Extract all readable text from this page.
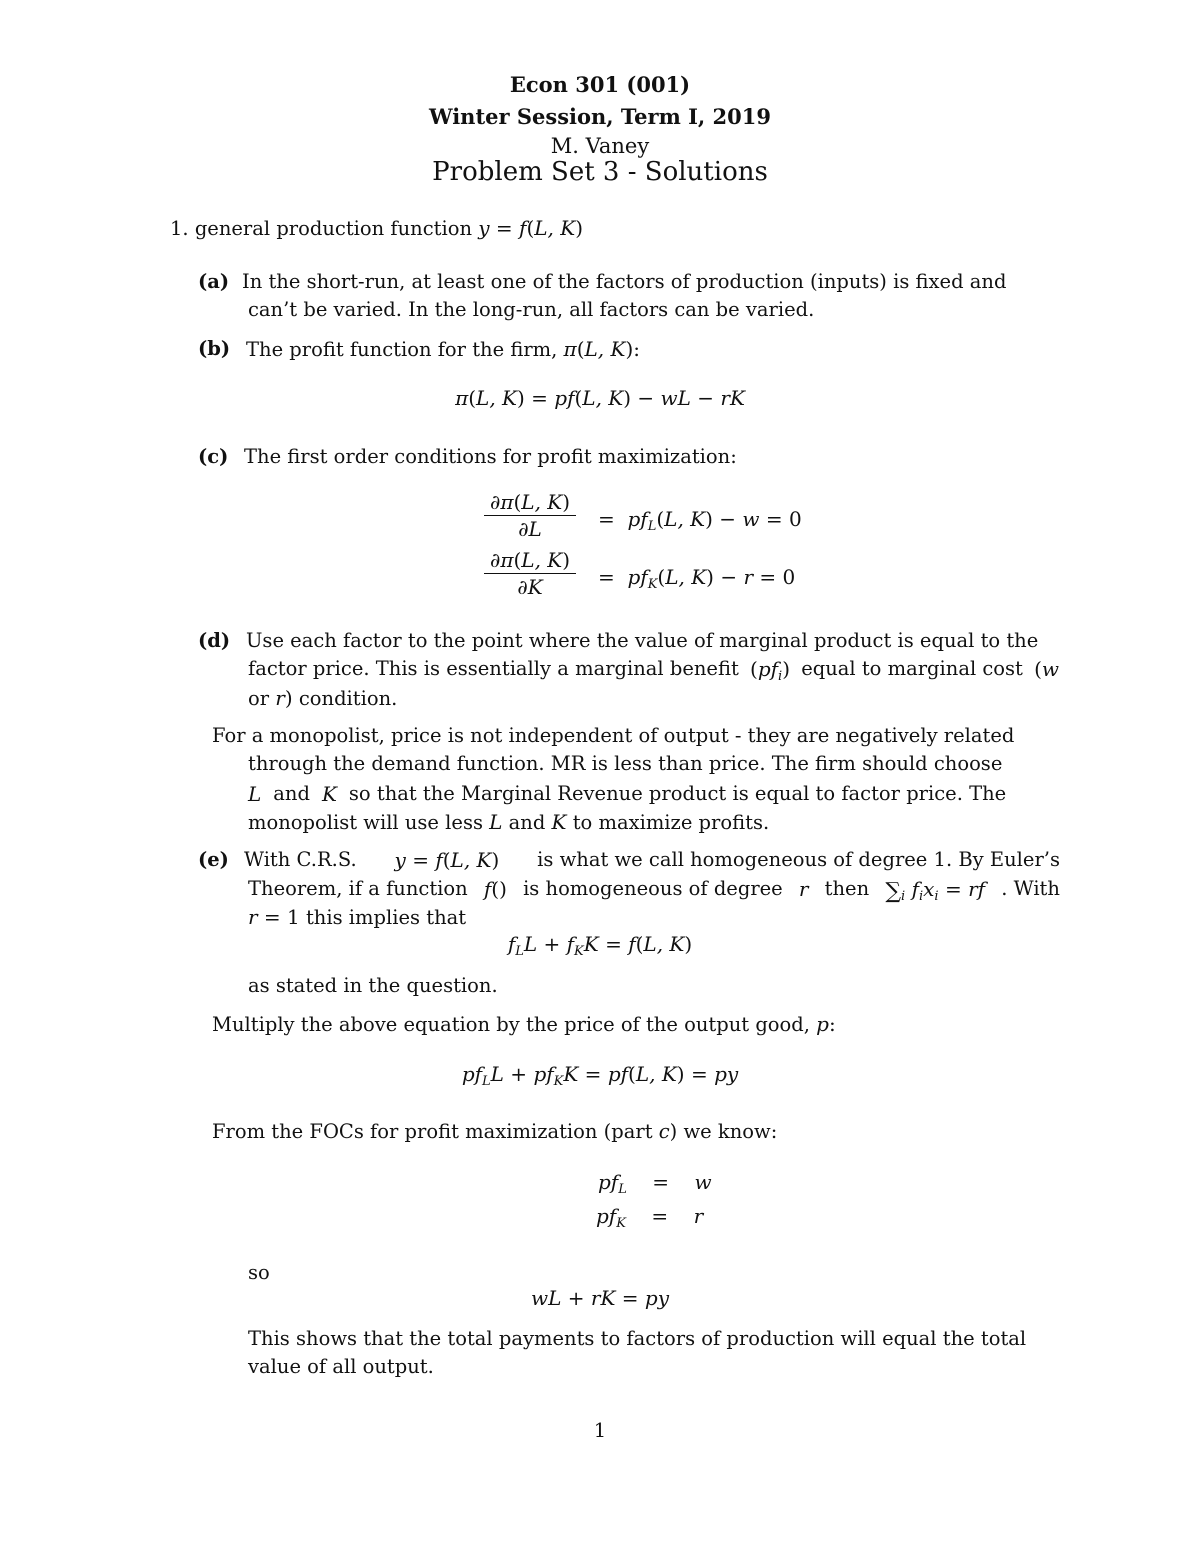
Econ 301 (001)
Winter Session, Term I, 2019
M. Vaney
Problem Set 3 - Solutions
1. general production function y = f(L, K)
(a) In the short-run, at least one of the factors of production (inputs) is fixed and
can’t be varied. In the long-run, all factors can be varied.
(b) The profit function for the firm, π(L, K):
π(L, K) = pf(L, K) − wL − rK
(c) The first order conditions for profit maximization:
$\frac{\partial\pi(L, K)}{\partial L} = pf_L(L$, K) − w = 0
$\frac{\partial\pi(L, K)}{\partial K} = pf_K(L$, K) − r = 0
(d) Use each factor to the point where the value of marginal product is equal to the
factor price. This is essentially a marginal benefit $(pf_i)$ equal to marginal cost (w
or r) condition.
For a monopolist, price is not independent of output - they are negatively related
through the demand function. MR is less than price. The firm should choose
L and K so that the Marginal Revenue product is equal to factor price. The
monopolist will use less L and K to maximize profits.
(e) With C.R.S. y = f(L, K) is what we call homogeneous of degree 1. By Euler’s
Theorem, if a function f() is homogeneous of degree r then $\sum_i$ $f_ix_i$ = rf . With
r = 1 this implies that
$f_LL + f_KK = f(L$, K)
as stated in the question.
Multiply the above equation by the price of the output good, p:
$pf_LL + pf_KK = pf(L$, K) = py
From the FOCs for profit maximization (part c) we know:
$pf_L$    =    w
$pf_K$    =    r
so
wL + rK = py
This shows that the total payments to factors of production will equal the total
value of all output.
1
